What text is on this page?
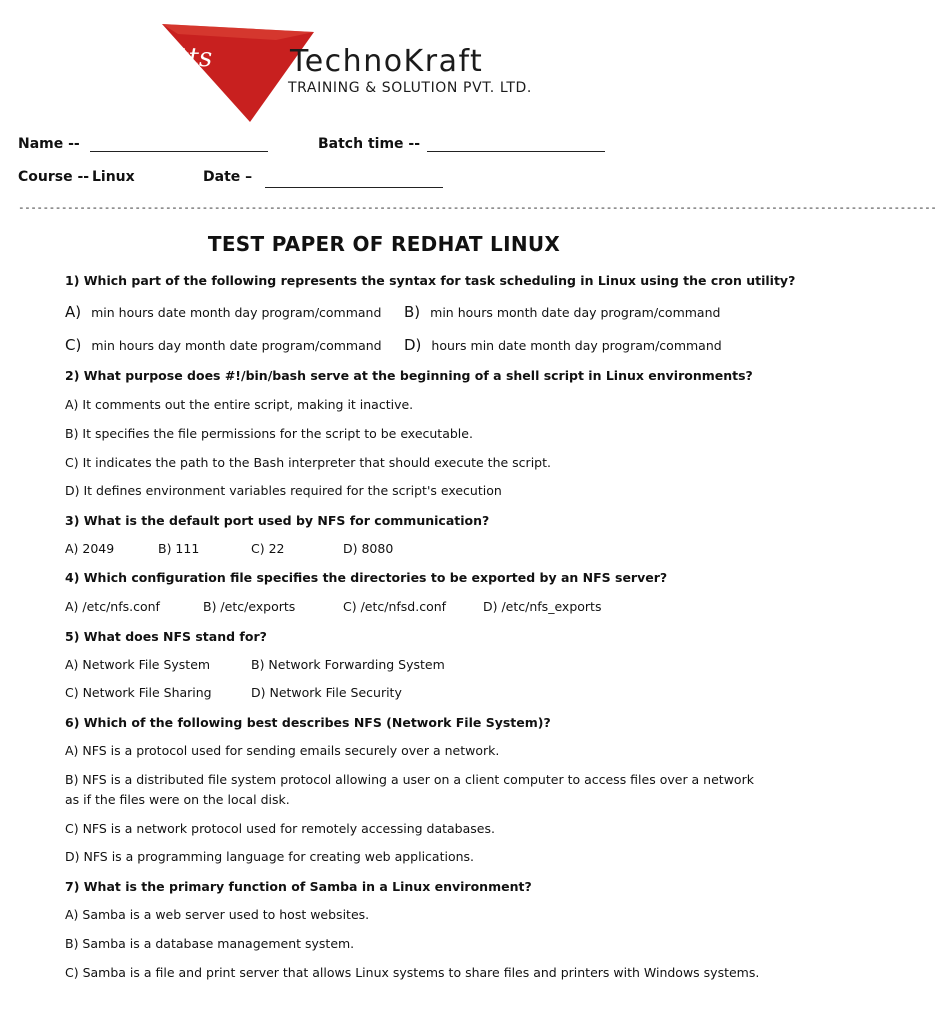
tts	TechnoKraft
TRAINING & SOLUTION PVT. LTD.
Name --	Batch time --
Course -- Linux	Date –
------------------------------------------------------------------------------------------------------------------------------------------------------
TEST PAPER OF REDHAT LINUX
1) Which part of the following represents the syntax for task scheduling in Linux using the cron utility?
A) min hours date month day program/command B) min hours month date day program/command
C) min hours day month date program/command D) hours min date month day program/command
2) What purpose does #!/bin/bash serve at the beginning of a shell script in Linux environments?
A) It comments out the entire script, making it inactive.
B) It specifies the file permissions for the script to be executable.
C) It indicates the path to the Bash interpreter that should execute the script.
D) It defines environment variables required for the script's execution
3) What is the default port used by NFS for communication?
A) 2049	B) 111	C) 22	D) 8080
4) Which configuration file specifies the directories to be exported by an NFS server?
A) /etc/nfs.conf	B) /etc/exports	C) /etc/nfsd.conf	D) /etc/nfs_exports
5) What does NFS stand for?
A) Network File System	B) Network Forwarding System
C) Network File Sharing	D) Network File Security
6) Which of the following best describes NFS (Network File System)?
A) NFS is a protocol used for sending emails securely over a network.
B) NFS is a distributed file system protocol allowing a user on a client computer to access files over a network as if the files were on the local disk.
C) NFS is a network protocol used for remotely accessing databases.
D) NFS is a programming language for creating web applications.
7) What is the primary function of Samba in a Linux environment?
A) Samba is a web server used to host websites.
B) Samba is a database management system.
C) Samba is a file and print server that allows Linux systems to share files and printers with Windows systems.
